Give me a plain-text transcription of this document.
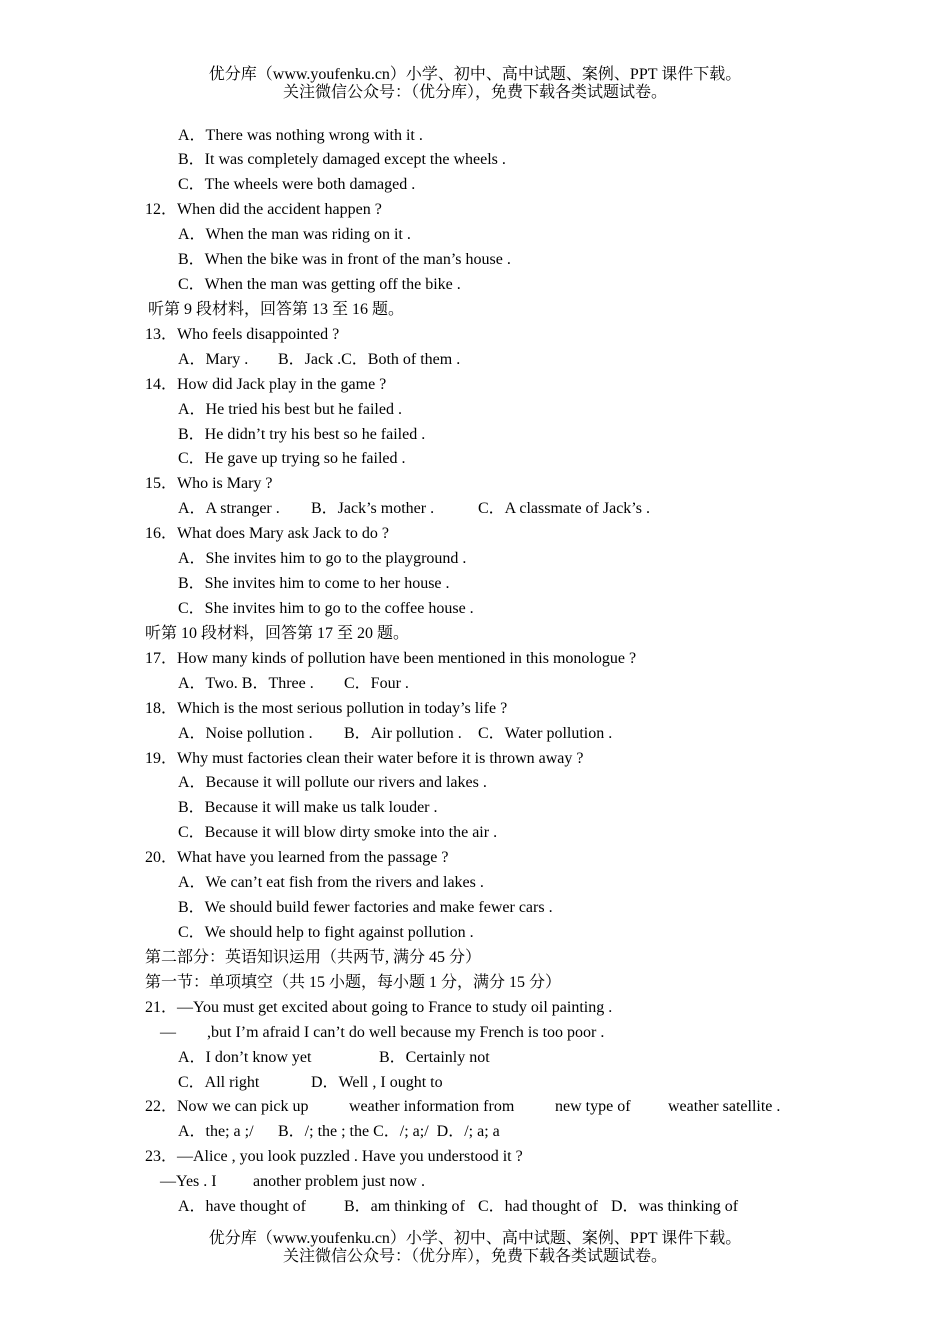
优分库（www.youfenku.cn）小学、初中、高中试题、案例、PPT 课件下载。
关注微信公众号：（优分库），免费下载各类试题试卷。
A．There was nothing wrong with it .
B．It was completely damaged except the wheels .
C．The wheels were both damaged .
12．When did the accident happen ?
A．When the man was riding on it .
B．When the bike was in front of the man’s house .
C．When the man was getting off the bike .
听第 9 段材料，回答第 13 至 16 题。
13．Who feels disappointed ?

A．Mary . B．Jack .C．Both of them .

14．How did Jack play in the game ?
A．He tried his best but he failed .
B．He didn’t try his best so he failed .
C．He gave up trying so he failed .
15．Who is Mary ?

A．A stranger . B．Jack’s mother .	C．A classmate of Jack’s .

16．What does Mary ask Jack to do ?
A．She invites him to go to the playground .
B．She invites him to come to her house .
C．She invites him to go to the coffee house .
听第 10 段材料，回答第 17 至 20 题。
17．How many kinds of pollution have been mentioned in this monologue ?

A．Two. B．Three . C．Four .

18．Which is the most serious pollution in today’s life ?

A．Noise pollution . B．Air pollution . C．Water pollution .

19．Why must factories clean their water before it is thrown away ?
A．Because it will pollute our rivers and lakes .
B．Because it will make us talk louder .
C．Because it will blow dirty smoke into the air .
20．What have you learned from the passage ?
A．We can’t eat fish from the rivers and lakes .
B．We should build fewer factories and make fewer cars .
C．We should help to fight against pollution .
第二部分：英语知识运用（共两节, 满分 45 分）
第一节：单项填空（共 15 小题，每小题 1 分，满分 15 分）
21．—You must get excited about going to France to study oil painting .

— ,but I’m afraid I can’t do well because my French is too poor .

A．I don’t know yet	B．Certainly not

C．All right	D．Well , I ought to

22．Now we can pick up	weather information from	new type of weather satellite .

A．the; a ;/ B．/; the ; the C．/; a;/ D．/; a; a

23．—Alice , you look puzzled . Have you understood it ?

—Yes . I another problem just now .

A．have thought of B．am thinking of C．had thought of D．was thinking of

优分库（www.youfenku.cn）小学、初中、高中试题、案例、PPT 课件下载。
关注微信公众号：（优分库），免费下载各类试题试卷。
